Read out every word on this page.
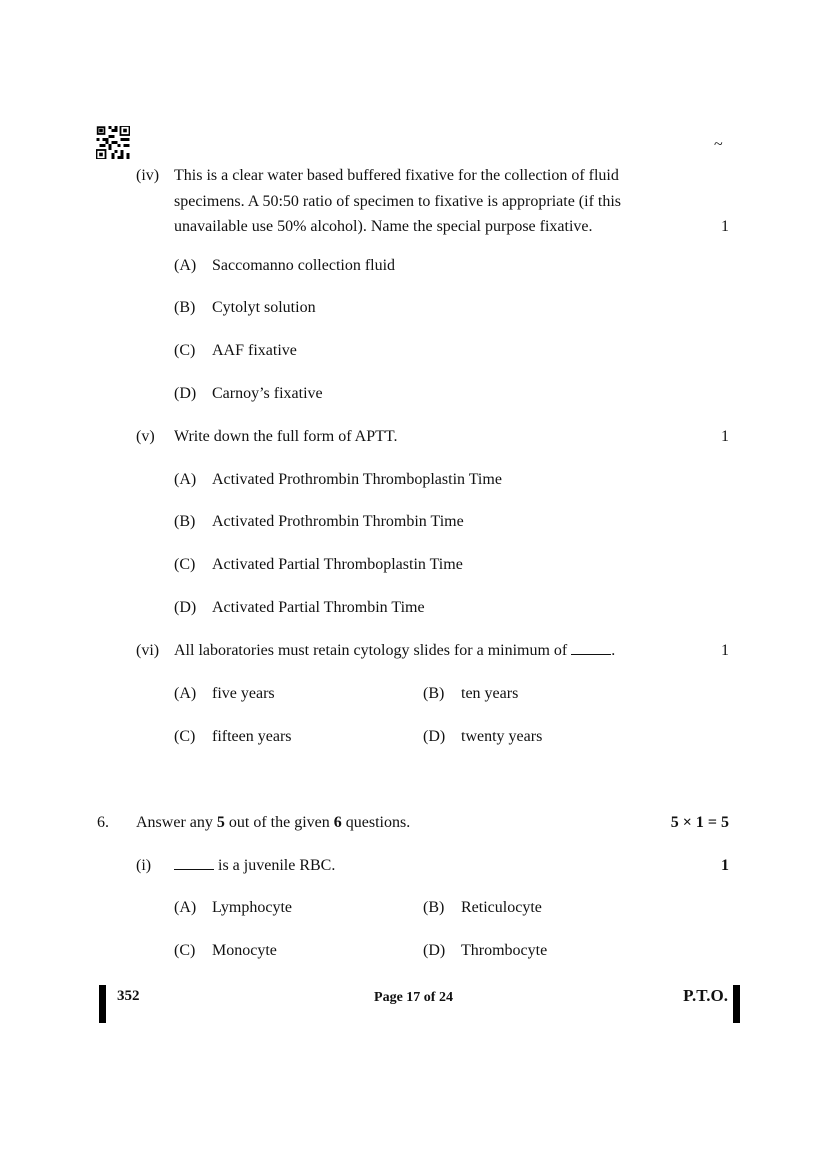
~
(iv) This is a clear water based buffered fixative for the collection of fluid
specimens. A 50:50 ratio of specimen to fixative is appropriate (if this
unavailable use 50% alcohol). Name the special purpose fixative.	1
(A) Saccomanno collection fluid
(B) Cytolyt solution
(C) AAF fixative
(D) Carnoy’s fixative
(v) Write down the full form of APTT.	1
(A) Activated Prothrombin Thromboplastin Time
(B) Activated Prothrombin Thrombin Time
(C) Activated Partial Thromboplastin Time
(D) Activated Partial Thrombin Time
(vi) All laboratories must retain cytology slides for a minimum of	.	1
(A) five years	(B) ten years
(C) fifteen years	(D) twenty years
6. Answer any 5 out of the given 6 questions.	5 × 1 = 5
(i)	is a juvenile RBC.	1
(A) Lymphocyte	(B) Reticulocyte
(C) Monocyte	(D) Thrombocyte
352	Page 17 of 24	P.T.O.
